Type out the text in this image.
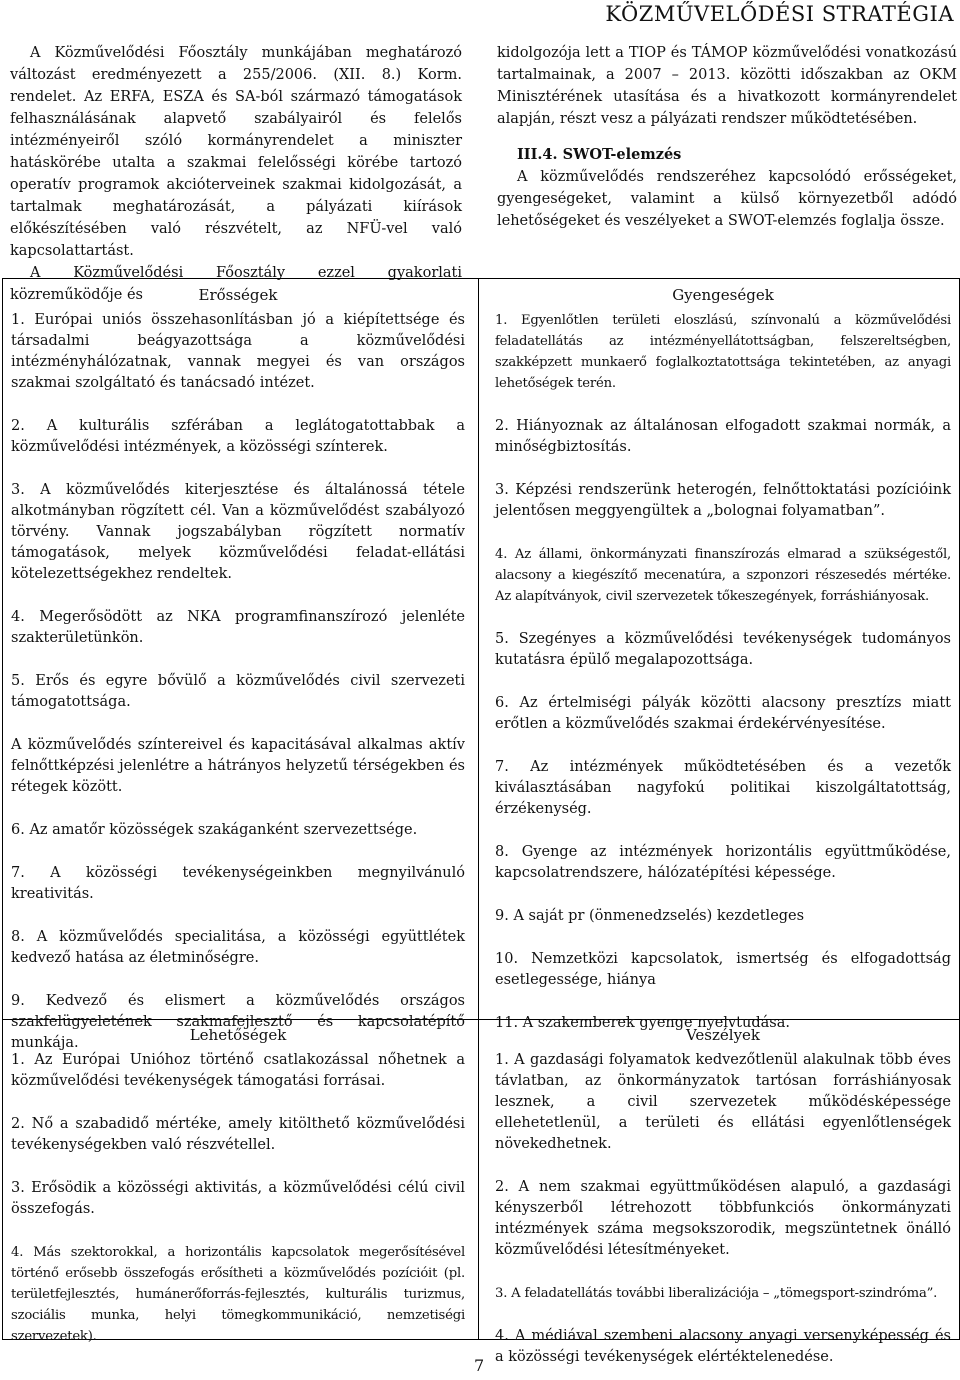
KÖZMŰVELŐDÉSI STRATÉGIA

A Közművelődési Főosztály munkájában meghatározó változást eredményezett a 255/2006. (XII. 8.) Korm. rendelet. Az ERFA, ESZA és SA-ból származó támogatások felhasználásának alapvető szabályairól és felelős intézményeiről szóló kormányrendelet a miniszter hatáskörébe utalta a szakmai felelősségi körébe tartozó operatív programok akcióterveinek szakmai kidolgozását, a tartalmak meghatározását, a pályázati kiírások előkészítésében való részvételt, az NFÜ-vel való kapcsolattartást.

A Közművelődési Főosztály ezzel gyakorlati közreműködője és

kidolgozója lett a TIOP és TÁMOP közművelődési vonatkozású tartalmainak, a 2007 – 2013. közötti időszakban az OKM Minisztérének utasítása és a hivatkozott kormányrendelet alapján, részt vesz a pályázati rendszer működtetésében.

III.4. SWOT-elemzés

A közművelődés rendszeréhez kapcsolódó erősségeket, gyengeségeket, valamint a külső környezetből adódó lehetőségeket és veszélyeket a SWOT-elemzés foglalja össze.

Erősségek
1. Európai uniós összehasonlításban jó a kiépítettsége és társadalmi beágyazottsága a közművelődési intézményhálózatnak, vannak megyei és van országos szakmai szolgáltató és tanácsadó intézet.
2. A kulturális szférában a leglátogatottabbak a közművelődési intézmények, a közösségi színterek.
3. A közművelődés kiterjesztése és általánossá tétele alkotmányban rögzített cél. Van a közművelődést szabályozó törvény. Vannak jogszabályban rögzített normatív támogatások, melyek közművelődési feladat-ellátási kötelezettségekhez rendeltek.
4. Megerősödött az NKA programfinanszírozó jelenléte szakterületünkön.
5. Erős és egyre bővülő a közművelődés civil szervezeti támogatottsága.
A közművelődés színtereivel és kapacitásával alkalmas aktív felnőttképzési jelenlétre a hátrányos helyzetű térségekben és rétegek között.
6. Az amatőr közösségek szakáganként szervezettsége.
7. A közösségi tevékenységeinkben megnyilvánuló kreativitás.
8. A közművelődés specialitása, a közösségi együttlétek kedvező hatása az életminőségre.
9. Kedvező és elismert a közművelődés országos szakfelügyeletének szakmafejlesztő és kapcsolatépítő munkája.
Gyengeségek
1. Egyenlőtlen területi eloszlású, színvonalú a közművelődési feladatellátás az intézményellátottságban, felszereltségben, szakképzett munkaerő foglalkoztatottsága tekintetében, az anyagi lehetőségek terén.
2. Hiányoznak az általánosan elfogadott szakmai normák, a minőségbiztosítás.
3. Képzési rendszerünk heterogén, felnőttoktatási pozícióink jelentősen meggyengültek a „bolognai folyamatban”.
4. Az állami, önkormányzati finanszírozás elmarad a szükségestől, alacsony a kiegészítő mecenatúra, a szponzori részesedés mértéke. Az alapítványok, civil szervezetek tőkeszegények, forráshiányosak.
5. Szegényes a közművelődési tevékenységek tudományos kutatásra épülő megalapozottsága.
6. Az értelmiségi pályák közötti alacsony presztízs miatt erőtlen a közművelődés szakmai érdekérvényesítése.
7. Az intézmények működtetésében és a vezetők kiválasztásában nagyfokú politikai kiszolgáltatottság, érzékenység.
8. Gyenge az intézmények horizontális együttműködése, kapcsolatrendszere, hálózatépítési képessége.
9. A saját pr (önmenedzselés) kezdetleges
10. Nemzetközi kapcsolatok, ismertség és elfogadottság esetlegessége, hiánya
11. A szakemberek gyenge nyelvtudása.
Lehetőségek
1. Az Európai Unióhoz történő csatlakozással nőhetnek a közművelődési tevékenységek támogatási forrásai.
2. Nő a szabadidő mértéke, amely kitölthető közművelődési tevékenységekben való részvétellel.
3. Erősödik a közösségi aktivitás, a közművelődési célú civil összefogás.
4. Más szektorokkal, a horizontális kapcsolatok megerősítésével történő erősebb összefogás erősítheti a közművelődés pozícióit (pl. területfejlesztés, humánerőforrás-fejlesztés, kulturális turizmus, szociális munka, helyi tömegkommunikáció, nemzetiségi szervezetek).
Veszélyek
1. A gazdasági folyamatok kedvezőtlenül alakulnak több éves távlatban, az önkormányzatok tartósan forráshiányosak lesznek, a civil szervezetek működésképessége ellehetetlenül, a területi és ellátási egyenlőtlenségek növekedhetnek.
2. A nem szakmai együttműködésen alapuló, a gazdasági kényszerből létrehozott többfunkciós önkormányzati intézmények száma megsokszorodik, megszüntetnek önálló közművelődési létesítményeket.
3. A feladatellátás további liberalizációja – „tömegsport-szindróma”.
4. A médiával szembeni alacsony anyagi versenyképesség és a közösségi tevékenységek elértéktelenedése.
7
